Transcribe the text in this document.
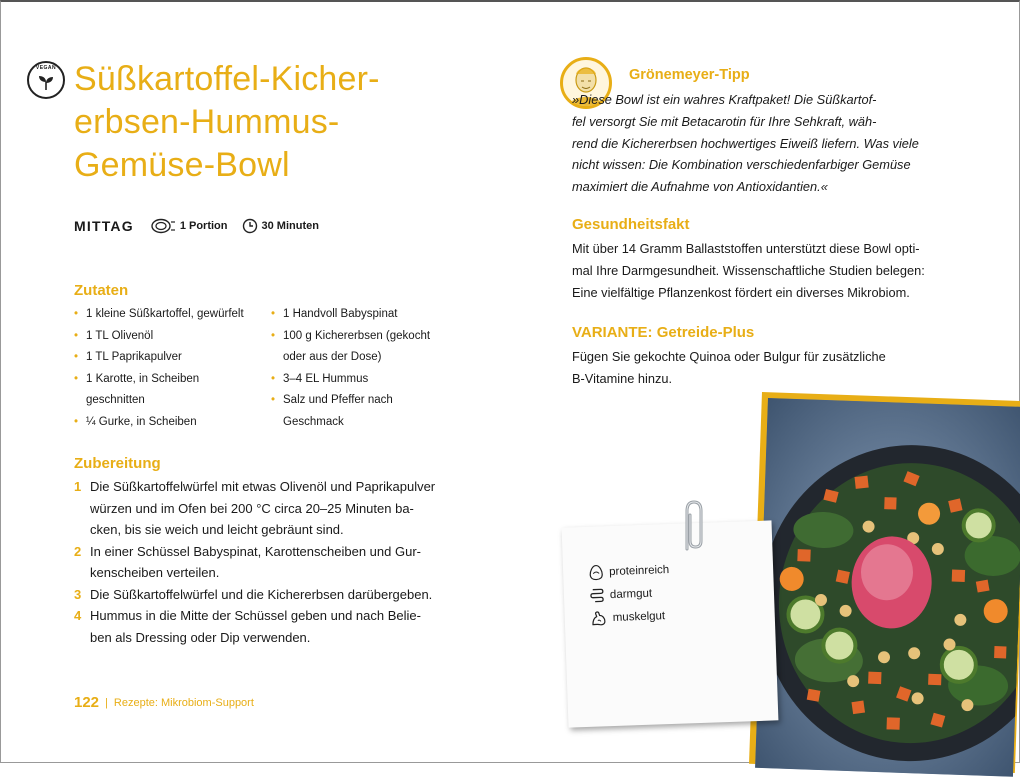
VEGAN Süßkartoffel-Kicher-
erbsen-Hummus-
Gemüse-Bowl
MITTAG	1 Portion	30 Minuten
Zutaten
• 1 kleine Süßkartoffel, gewürfelt
• 1 TL Olivenöl
• 1 TL Paprikapulver
• 1 Karotte, in Scheiben
geschnitten
• ¼ Gurke, in Scheiben
• 1 Handvoll Babyspinat
• 100 g Kichererbsen (gekocht
oder aus der Dose)
• 3–4 EL Hummus
• Salz und Pfeffer nach
Geschmack
Zubereitung
1 Die Süßkartoffelwürfel mit etwas Olivenöl und Paprikapulver
würzen und im Ofen bei 200 °C circa 20–25 Minuten ba-
cken, bis sie weich und leicht gebräunt sind.
2 In einer Schüssel Babyspinat, Karottenscheiben und Gur-
kenscheiben verteilen.
3 Die Süßkartoffelwürfel und die Kichererbsen darübergeben.
4 Hummus in die Mitte der Schüssel geben und nach Belie-
ben als Dressing oder Dip verwenden.
122 | Rezepte: Mikrobiom-Support
Grönemeyer-Tipp
»Diese Bowl ist ein wahres Kraftpaket! Die Süßkartof-
fel versorgt Sie mit Betacarotin für Ihre Sehkraft, wäh-
rend die Kichererbsen hochwertiges Eiweiß liefern. Was viele
nicht wissen: Die Kombination verschiedenfarbiger Gemüse
maximiert die Aufnahme von Antioxidantien.«
Gesundheitsfakt
Mit über 14 Gramm Ballaststoffen unterstützt diese Bowl opti-
mal Ihre Darmgesundheit. Wissenschaftliche Studien belegen:
Eine vielfältige Pflanzenkost fördert ein diverses Mikrobiom.
VARIANTE: Getreide-Plus
Fügen Sie gekochte Quinoa oder Bulgur für zusätzliche
B-Vitamine hinzu.
proteinreich
darmgut
muskelgut
